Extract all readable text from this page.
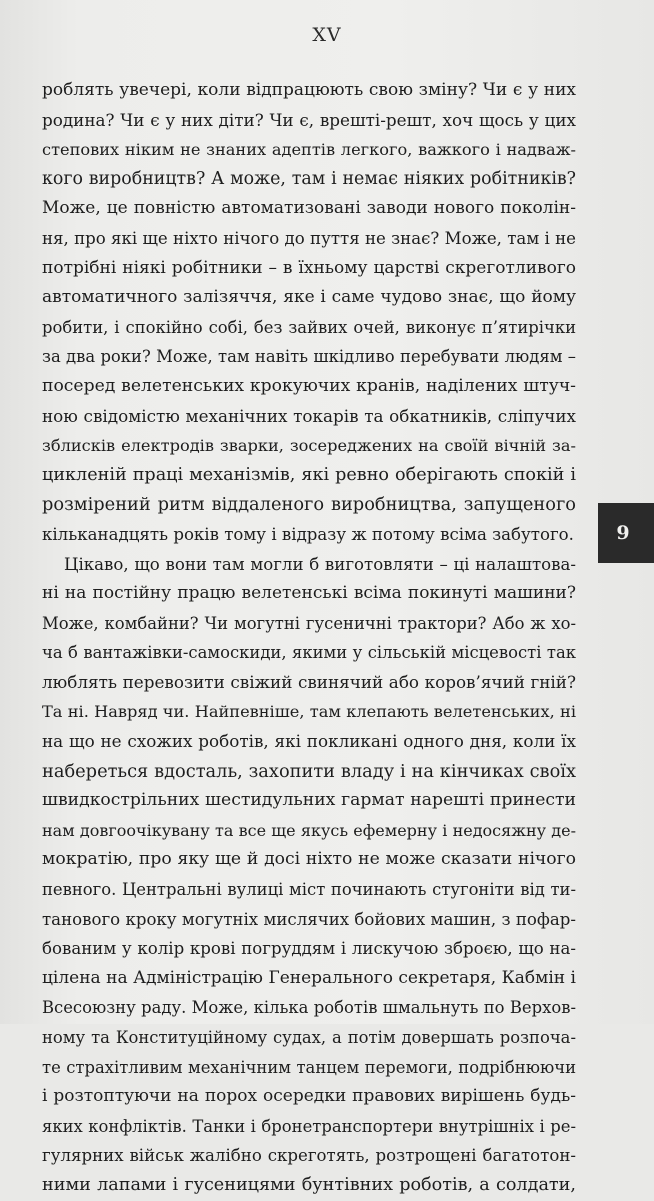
XV
роблять увечері, коли відпрацюють свою зміну? Чи є у них
родина? Чи є у них діти? Чи є, врешті-решт, хоч щось у цих
степових ніким не знаних адептів легкого, важкого і надваж-
кого виробництв? А може, там і немає ніяких робітників?
Може, це повністю автоматизовані заводи нового поколін-
ня, про які ще ніхто нічого до пуття не знає? Може, там і не
потрібні ніякі робітники – в їхньому царстві скреготливого
автоматичного залізяччя, яке і саме чудово знає, що йому
робити, і спокійно собі, без зайвих очей, виконує п’ятирічки
за два роки? Може, там навіть шкідливо перебувати людям –
посеред велетенських крокуючих кранів, наділених штуч-
ною свідомістю механічних токарів та обкатників, сліпучих
зблисків електродів зварки, зосереджених на своїй вічній за-
цикленій праці механізмів, які ревно оберігають спокій і
розмірений ритм віддаленого виробництва, запущеного
кільканадцять років тому і відразу ж потому всіма забутого.
Цікаво, що вони там могли б виготовляти – ці налаштова-
ні на постійну працю велетенські всіма покинуті машини?
Може, комбайни? Чи могутні гусеничні трактори? Або ж хо-
ча б вантажівки-самоскиди, якими у сільській місцевості так
люблять перевозити свіжий свинячий або коров’ячий гній?
Та ні. Навряд чи. Найпевніше, там клепають велетенських, ні
на що не схожих роботів, які покликані одного дня, коли їх
набереться вдосталь, захопити владу і на кінчиках своїх
швидкострільних шестидульних гармат нарешті принести
нам довгоочікувану та все ще якусь ефемерну і недосяжну де-
мократію, про яку ще й досі ніхто не може сказати нічого
певного. Центральні вулиці міст починають стугоніти від ти-
танового кроку могутніх мислячих бойових машин, з пофар-
бованим у колір крові погруддям і лискучою зброєю, що на-
цілена на Адміністрацію Генерального секретаря, Кабмін і
Всесоюзну раду. Може, кілька роботів шмальнуть по Верхов-
ному та Конституційному судах, а потім довершать розпоча-
те страхітливим механічним танцем перемоги, подрібнюючи
і розтоптуючи на порох осередки правових вирішень будь-
яких конфліктів. Танки і бронетранспортери внутрішніх і ре-
гулярних військ жалібно скреготять, розтрощені багатотон-
ними лапами і гусеницями бунтівних роботів, а солдати,
9
